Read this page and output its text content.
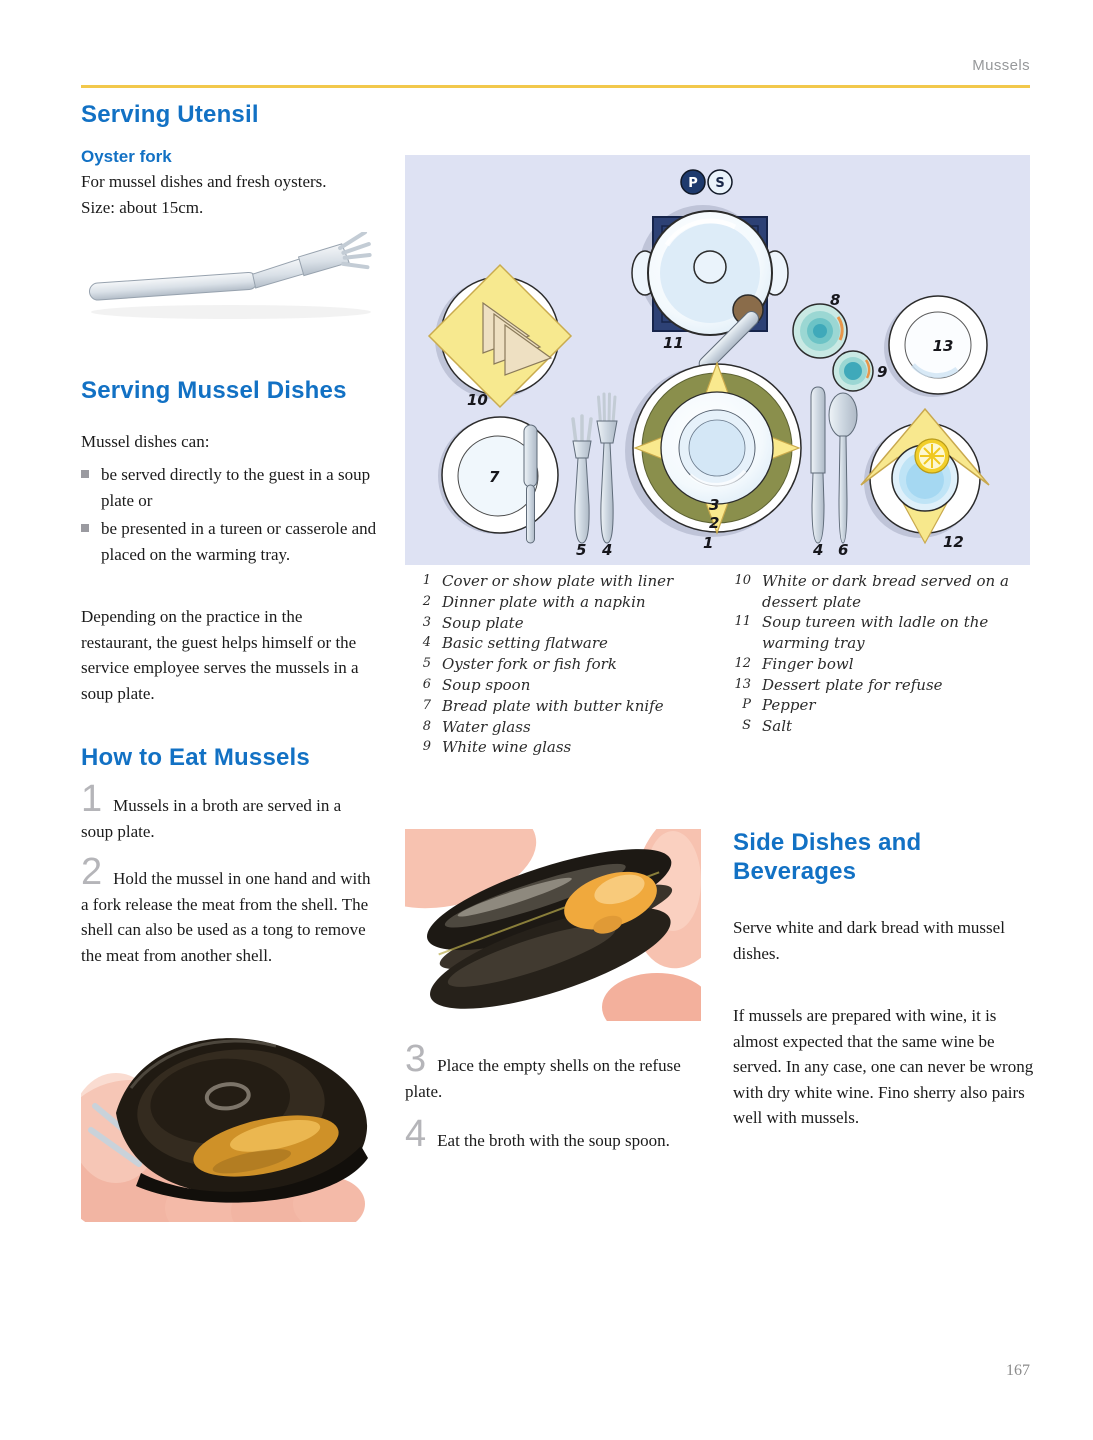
Mussels
Serving Utensil
Oyster fork
For mussel dishes and fresh oysters.
Size: about 15cm.
Serving Mussel Dishes
Mussel dishes can:
be served directly to the guest in a soup plate or
be presented in a tureen or casserole and placed on the warming tray.
Depending on the practice in the restaurant, the guest helps himself or the service employee serves the mussels in a soup plate.
How to Eat Mussels
1 Mussels in a broth are served in a soup plate.
2 Hold the mussel in one hand and with a fork release the meat from the shell. The shell can also be used as a tong to remove the meat from another shell.
P S
11
8
9
13
10
7
5 4
3
2
1	4 6	12
1 Cover or show plate with liner
2 Dinner plate with a napkin
3 Soup plate
4 Basic setting flatware
5 Oyster fork or fish fork
6 Soup spoon
7 Bread plate with butter knife
8 Water glass
9 White wine glass
10 White or dark bread served on a dessert plate
11 Soup tureen with ladle on the warming tray
12 Finger bowl
13 Dessert plate for refuse
P Pepper
S Salt
3 Place the empty shells on the refuse plate.
4 Eat the broth with the soup spoon.
Side Dishes and Beverages
Serve white and dark bread with mussel dishes.
If mussels are prepared with wine, it is almost expected that the same wine be served. In any case, one can never be wrong with dry white wine. Fino sherry also pairs well with mussels.
167
